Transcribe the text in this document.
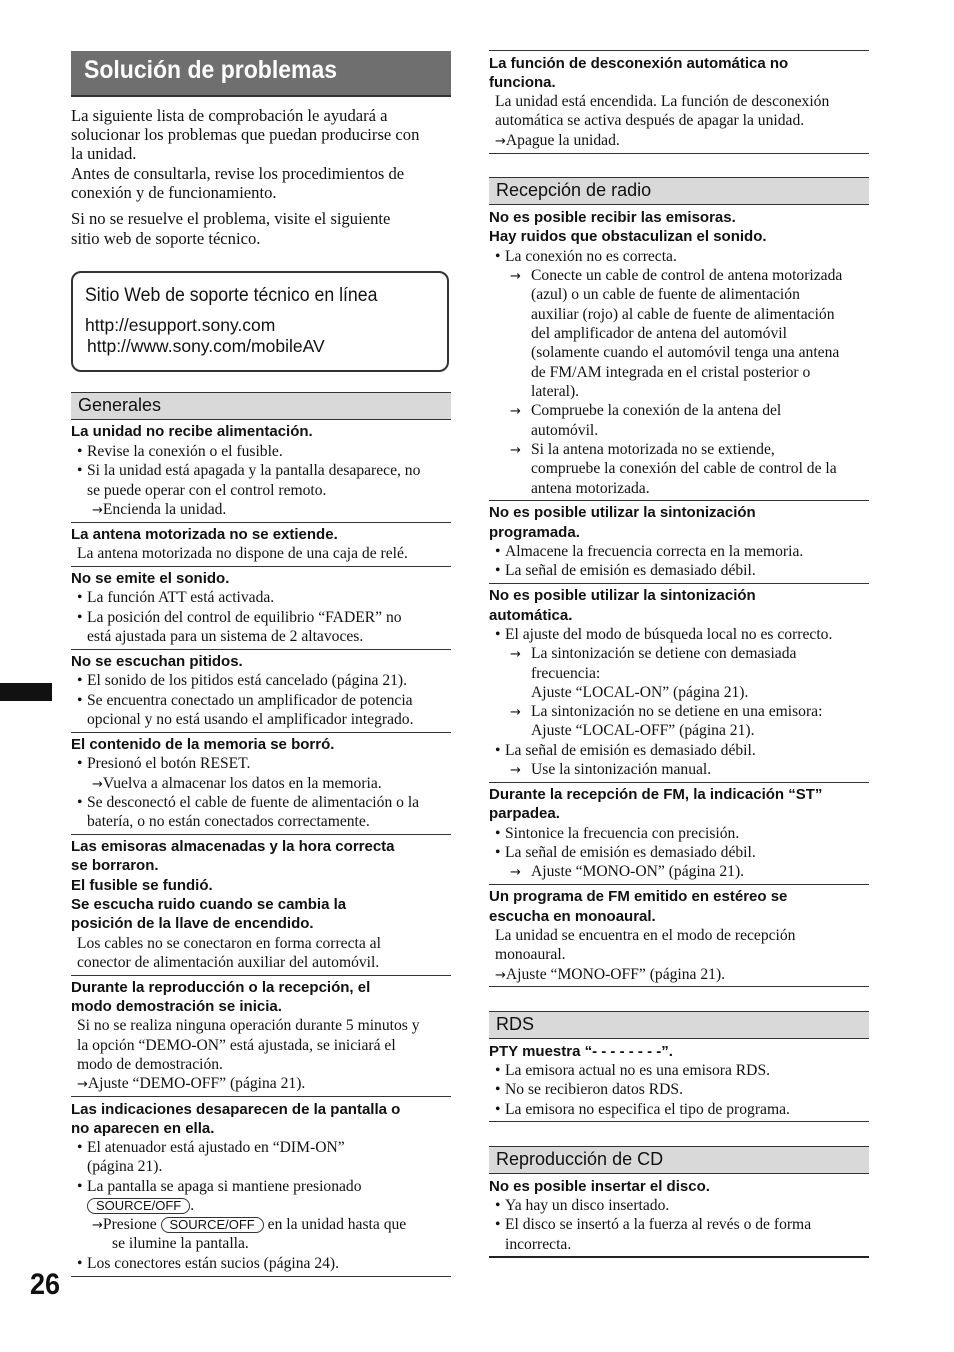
Solución de problemas
La siguiente lista de comprobación le ayudará a
solucionar los problemas que puedan producirse con
la unidad.
Antes de consultarla, revise los procedimientos de
conexión y de funcionamiento.
Si no se resuelve el problema, visite el siguiente
sitio web de soporte técnico.
Sitio Web de soporte técnico en línea
http://esupport.sony.com
http://www.sony.com/mobileAV
Generales
La unidad no recibe alimentación.
• Revise la conexión o el fusible.
• Si la unidad está apagada y la pantalla desaparece, no
se puede operar con el control remoto.
→Encienda la unidad.
La antena motorizada no se extiende.
La antena motorizada no dispone de una caja de relé.
No se emite el sonido.
• La función ATT está activada.
• La posición del control de equilibrio “FADER” no
está ajustada para un sistema de 2 altavoces.
No se escuchan pitidos.
• El sonido de los pitidos está cancelado (página 21).
• Se encuentra conectado un amplificador de potencia
opcional y no está usando el amplificador integrado.
El contenido de la memoria se borró.
• Presionó el botón RESET.
→Vuelva a almacenar los datos en la memoria.
• Se desconectó el cable de fuente de alimentación o la
batería, o no están conectados correctamente.
Las emisoras almacenadas y la hora correcta
se borraron.
El fusible se fundió.
Se escucha ruido cuando se cambia la
posición de la llave de encendido.
Los cables no se conectaron en forma correcta al
conector de alimentación auxiliar del automóvil.
Durante la reproducción o la recepción, el
modo demostración se inicia.
Si no se realiza ninguna operación durante 5 minutos y
la opción “DEMO-ON” está ajustada, se iniciará el
modo de demostración.
→Ajuste “DEMO-OFF” (página 21).
Las indicaciones desaparecen de la pantalla o
no aparecen en ella.
• El atenuador está ajustado en “DIM-ON”
(página 21).
• La pantalla se apaga si mantiene presionado
SOURCE/OFF .
→Presione SOURCE/OFF en la unidad hasta que
se ilumine la pantalla.
• Los conectores están sucios (página 24).
La función de desconexión automática no
funciona.
La unidad está encendida. La función de desconexión
automática se activa después de apagar la unidad.
→Apague la unidad.
Recepción de radio
No es posible recibir las emisoras.
Hay ruidos que obstaculizan el sonido.
• La conexión no es correcta.
→ Conecte un cable de control de antena motorizada
(azul) o un cable de fuente de alimentación
auxiliar (rojo) al cable de fuente de alimentación
del amplificador de antena del automóvil
(solamente cuando el automóvil tenga una antena
de FM/AM integrada en el cristal posterior o
lateral).
→ Compruebe la conexión de la antena del
automóvil.
→ Si la antena motorizada no se extiende,
compruebe la conexión del cable de control de la
antena motorizada.
No es posible utilizar la sintonización
programada.
• Almacene la frecuencia correcta en la memoria.
• La señal de emisión es demasiado débil.
No es posible utilizar la sintonización
automática.
• El ajuste del modo de búsqueda local no es correcto.
→ La sintonización se detiene con demasiada
frecuencia:
Ajuste “LOCAL-ON” (página 21).
→ La sintonización no se detiene en una emisora:
Ajuste “LOCAL-OFF” (página 21).
• La señal de emisión es demasiado débil.
→ Use la sintonización manual.
Durante la recepción de FM, la indicación “ST”
parpadea.
• Sintonice la frecuencia con precisión.
• La señal de emisión es demasiado débil.
→ Ajuste “MONO-ON” (página 21).
Un programa de FM emitido en estéreo se
escucha en monoaural.
La unidad se encuentra en el modo de recepción
monoaural.
→Ajuste “MONO-OFF” (página 21).
RDS
PTY muestra “- - - - - - - -”.
• La emisora actual no es una emisora RDS.
• No se recibieron datos RDS.
• La emisora no especifica el tipo de programa.
Reproducción de CD
No es posible insertar el disco.
• Ya hay un disco insertado.
• El disco se insertó a la fuerza al revés o de forma
incorrecta.
26
